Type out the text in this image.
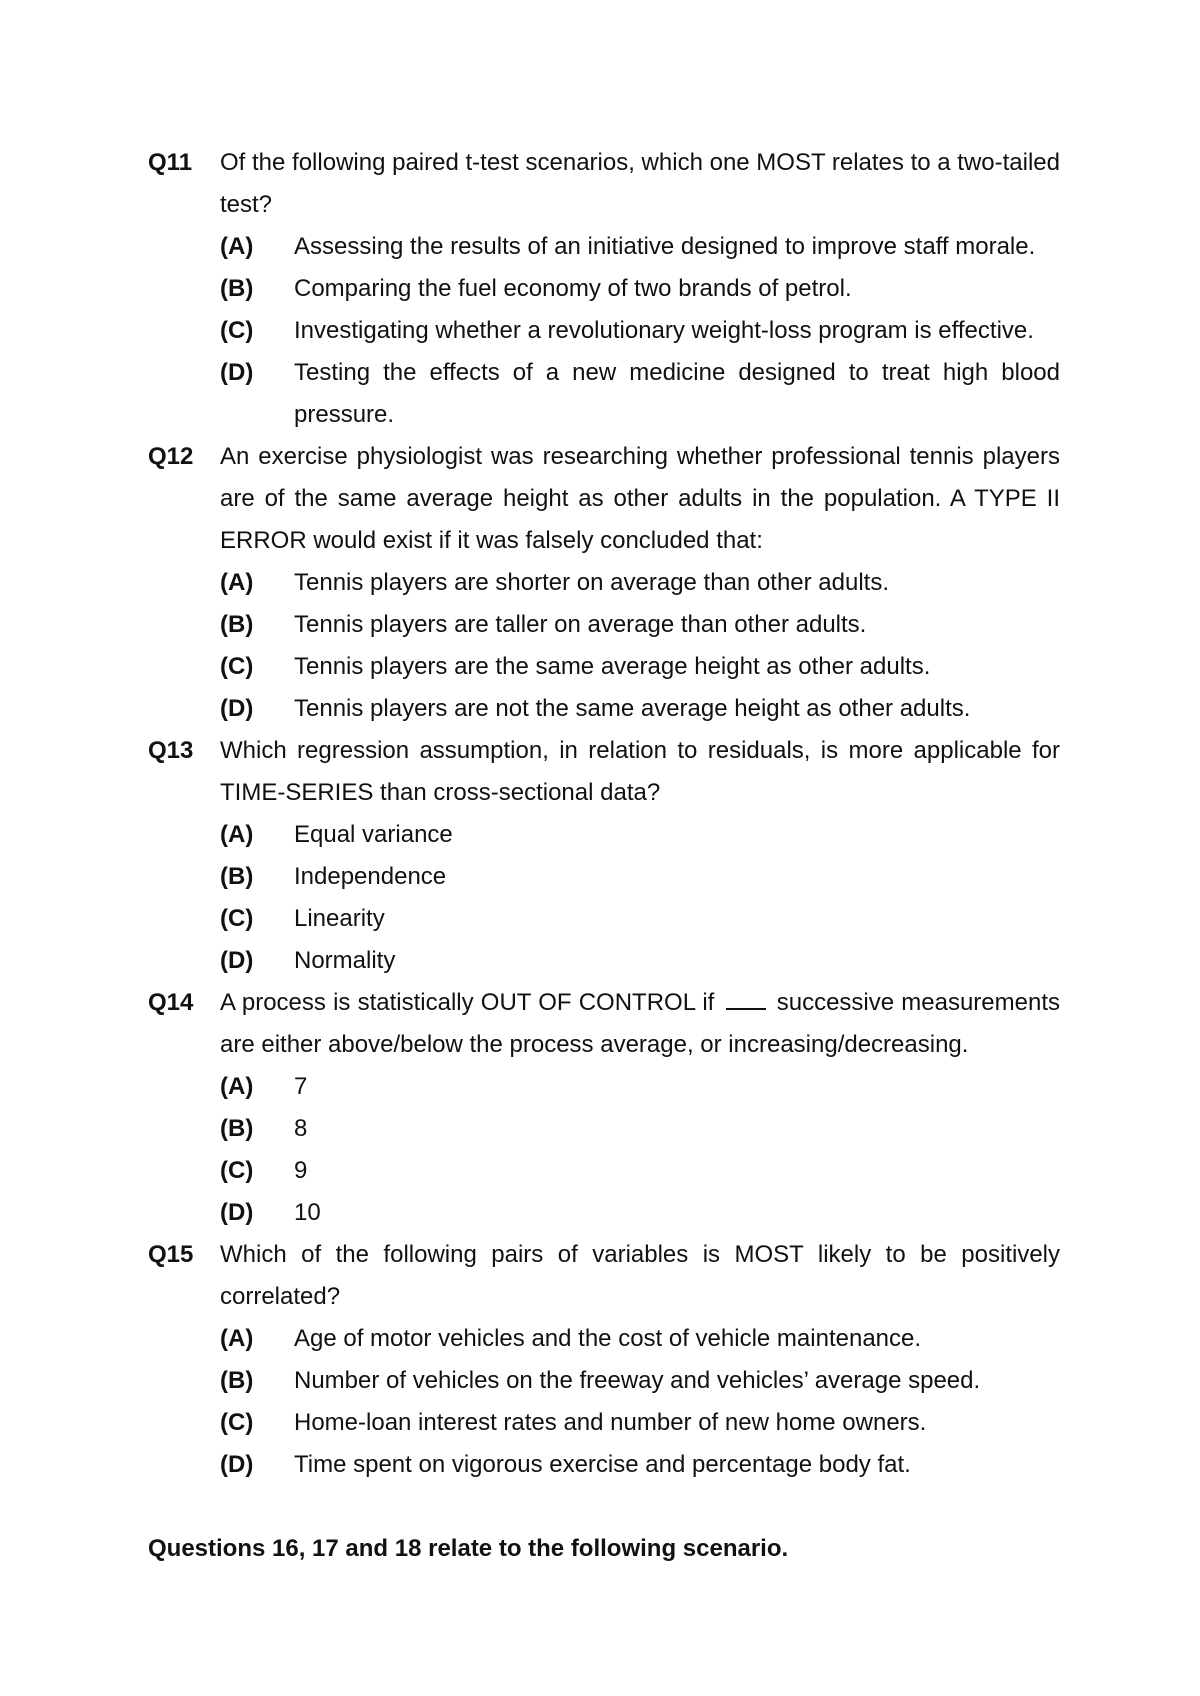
Q11 Of the following paired t-test scenarios, which one MOST relates to a two-tailed test?
(A) Assessing the results of an initiative designed to improve staff morale.
(B) Comparing the fuel economy of two brands of petrol.
(C) Investigating whether a revolutionary weight-loss program is effective.
(D) Testing the effects of a new medicine designed to treat high blood pressure.
Q12 An exercise physiologist was researching whether professional tennis players are of the same average height as other adults in the population. A TYPE II ERROR would exist if it was falsely concluded that:
(A) Tennis players are shorter on average than other adults.
(B) Tennis players are taller on average than other adults.
(C) Tennis players are the same average height as other adults.
(D) Tennis players are not the same average height as other adults.
Q13 Which regression assumption, in relation to residuals, is more applicable for TIME-SERIES than cross-sectional data?
(A) Equal variance
(B) Independence
(C) Linearity
(D) Normality
Q14 A process is statistically OUT OF CONTROL if	successive measurements are either above/below the process average, or increasing/decreasing.
(A) 7
(B) 8
(C) 9
(D) 10
Q15 Which of the following pairs of variables is MOST likely to be positively correlated?
(A) Age of motor vehicles and the cost of vehicle maintenance.
(B) Number of vehicles on the freeway and vehicles’ average speed.
(C) Home-loan interest rates and number of new home owners.
(D) Time spent on vigorous exercise and percentage body fat.
Questions 16, 17 and 18 relate to the following scenario.
